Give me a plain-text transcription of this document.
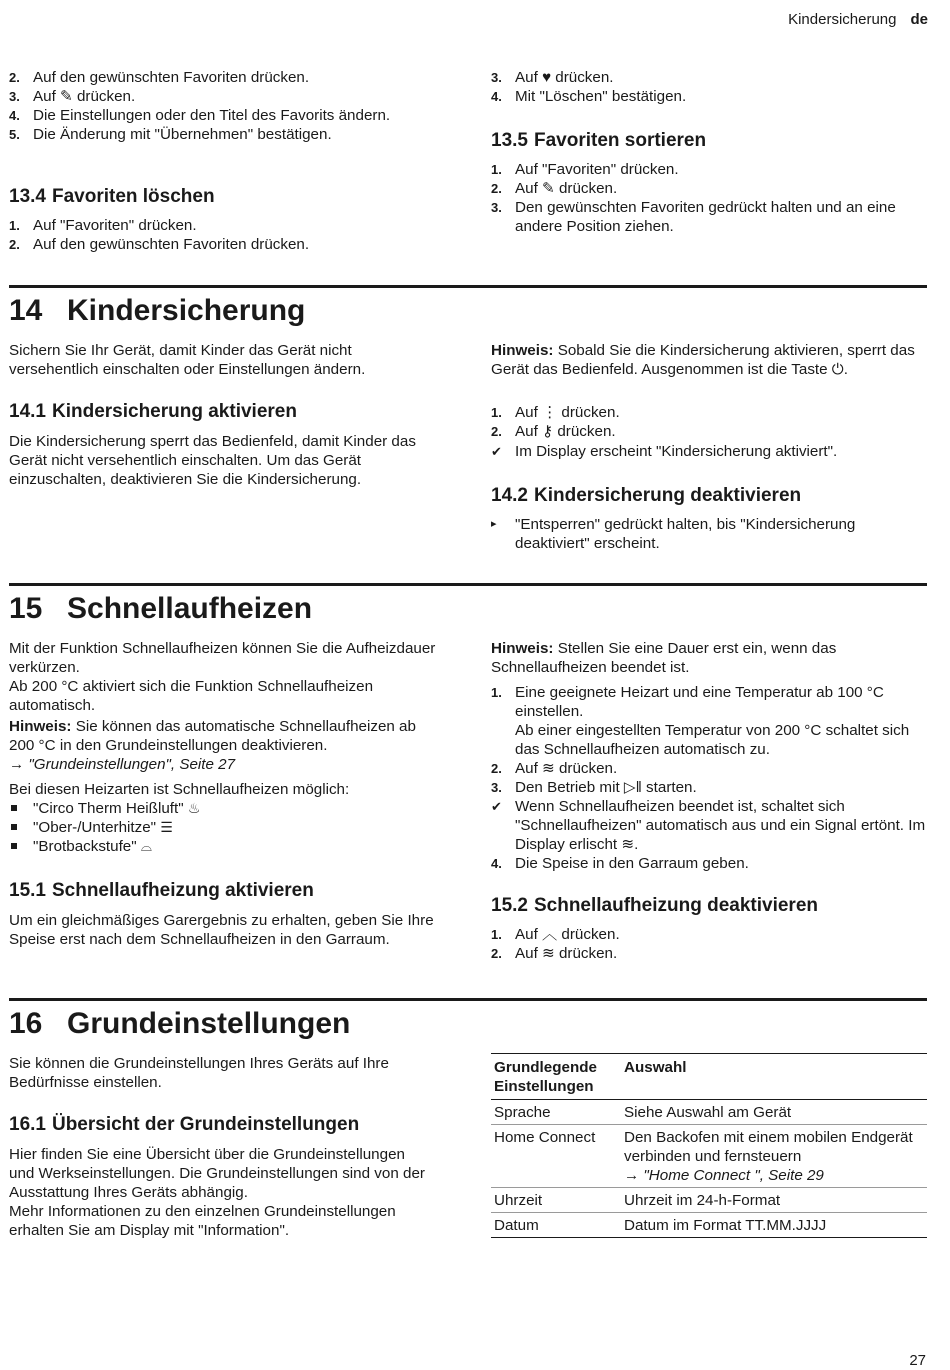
Kindersicherung de
2. Auf den gewünschten Favoriten drücken.
3. Auf ✎ drücken.
4. Die Einstellungen oder den Titel des Favorits ändern.
5. Die Änderung mit "Übernehmen" bestätigen.
13.4 Favoriten löschen
1. Auf "Favoriten" drücken.
2. Auf den gewünschten Favoriten drücken.
3. Auf ♥ drücken.
4. Mit "Löschen" bestätigen.
13.5 Favoriten sortieren
1. Auf "Favoriten" drücken.
2. Auf ✎ drücken.
3. Den gewünschten Favoriten gedrückt halten und an eine andere Position ziehen.
14 Kindersicherung

Sichern Sie Ihr Gerät, damit Kinder das Gerät nicht versehentlich einschalten oder Einstellungen ändern.

14.1 Kindersicherung aktivieren

Die Kindersicherung sperrt das Bedienfeld, damit Kinder das Gerät nicht versehentlich einschalten. Um das Gerät einzuschalten, deaktivieren Sie die Kindersicherung.

Hinweis: Sobald Sie die Kindersicherung aktivieren, sperrt das Gerät das Bedienfeld. Ausgenommen ist die Taste ⏻.

1. Auf ⋮ drücken.
2. Auf ⚷ drücken.
✔ Im Display erscheint "Kindersicherung aktiviert".
14.2 Kindersicherung deaktivieren
▸ "Entsperren" gedrückt halten, bis "Kindersicherung deaktiviert" erscheint.
15 Schnellaufheizen

Mit der Funktion Schnellaufheizen können Sie die Aufheizdauer verkürzen.

Ab 200 °C aktiviert sich die Funktion Schnellaufheizen automatisch.

Hinweis: Sie können das automatische Schnellaufheizen ab 200 °C in den Grundeinstellungen deaktivieren.

→ "Grundeinstellungen", Seite 27

Bei diesen Heizarten ist Schnellaufheizen möglich:

"Circo Therm Heißluft" ♨
"Ober-/Unterhitze" ☰
"Brotbackstufe" ⌓
15.1 Schnellaufheizung aktivieren

Um ein gleichmäßiges Garergebnis zu erhalten, geben Sie Ihre Speise erst nach dem Schnellaufheizen in den Garraum.

Hinweis: Stellen Sie eine Dauer erst ein, wenn das Schnellaufheizen beendet ist.

1. Eine geeignete Heizart und eine Temperatur ab 100 °C einstellen.
Ab einer eingestellten Temperatur von 200 °C schaltet sich das Schnellaufheizen automatisch zu.
2. Auf ≋ drücken.
3. Den Betrieb mit ▷‖ starten.
✔ Wenn Schnellaufheizen beendet ist, schaltet sich "Schnellaufheizen" automatisch aus und ein Signal ertönt. Im Display erlischt ≋.
4. Die Speise in den Garraum geben.
15.2 Schnellaufheizung deaktivieren
1. Auf ︿ drücken.
2. Auf ≋ drücken.
16 Grundeinstellungen

Sie können die Grundeinstellungen Ihres Geräts auf Ihre Bedürfnisse einstellen.

16.1 Übersicht der Grundeinstellungen

Hier finden Sie eine Übersicht über die Grundeinstellungen und Werkseinstellungen. Die Grundeinstellungen sind von der Ausstattung Ihres Geräts abhängig.

Mehr Informationen zu den einzelnen Grundeinstellungen erhalten Sie am Display mit "Information".

Grundlegende Einstellungen	Auswahl
Sprache	Siehe Auswahl am Gerät
Home Connect	Den Backofen mit einem mobilen Endgerät verbinden und fernsteuern
→ "Home Connect ", Seite 29
Uhrzeit	Uhrzeit im 24-h-Format
Datum	Datum im Format TT.MM.JJJJ
27
